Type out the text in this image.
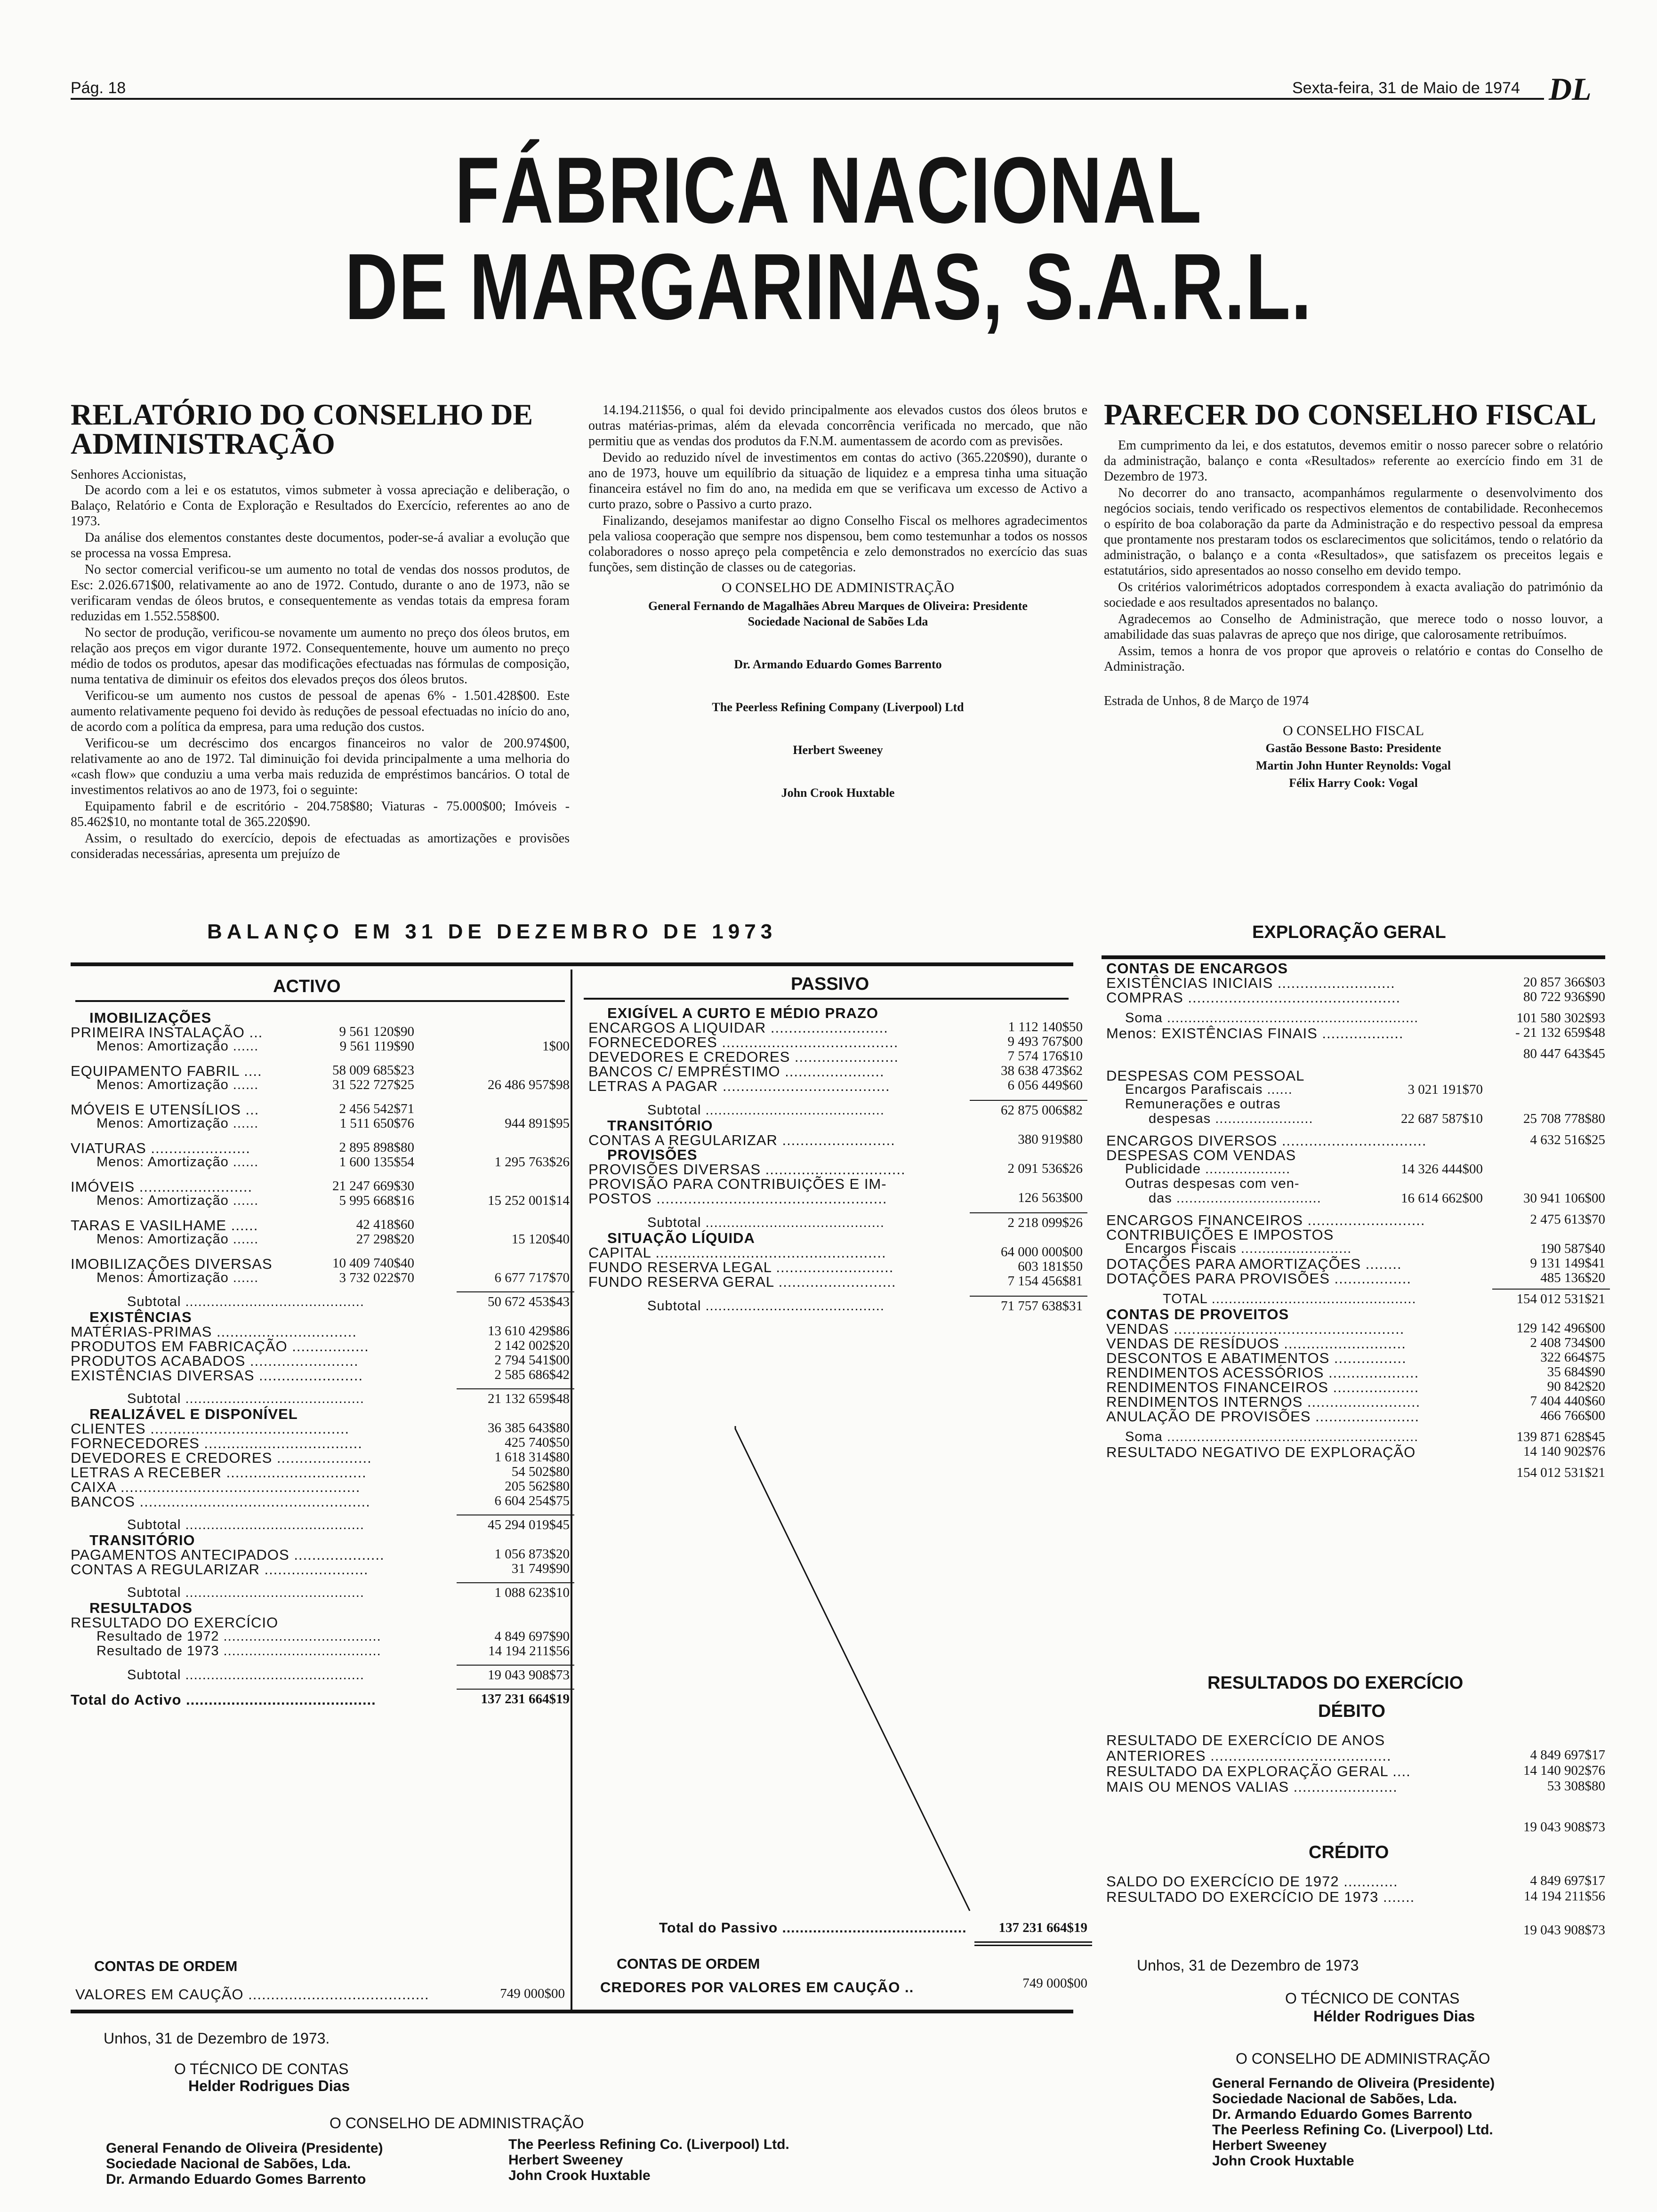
Pág. 18	Sexta-feira, 31 de Maio de 1974 DL
FÁBRICA NACIONAL
DE MARGARINAS, S.A.R.L.
RELATÓRIO DO CONSELHO DE ADMINISTRAÇÃO
Senhores Accionistas,

De acordo com a lei e os estatutos, vimos submeter à vossa apreciação e deliberação, o Balaço, Relatório e Conta de Exploração e Resultados do Exercício, referentes ao ano de 1973.

Da análise dos elementos constantes deste documentos, poder-se-á avaliar a evolução que se processa na vossa Empresa.

No sector comercial verificou-se um aumento no total de vendas dos nossos produtos, de Esc: 2.026.671$00, relativamente ao ano de 1972. Contudo, durante o ano de 1973, não se verificaram vendas de óleos brutos, e consequentemente as vendas totais da empresa foram reduzidas em 1.552.558$00.

No sector de produção, verificou-se novamente um aumento no preço dos óleos brutos, em relação aos preços em vigor durante 1972. Consequentemente, houve um aumento no preço médio de todos os produtos, apesar das modificações efectuadas nas fórmulas de composição, numa tentativa de diminuir os efeitos dos elevados preços dos óleos brutos.

Verificou-se um aumento nos custos de pessoal de apenas 6% - 1.501.428$00. Este aumento relativamente pequeno foi devido às reduções de pessoal efectuadas no início do ano, de acordo com a política da empresa, para uma redução dos custos.

Verificou-se um decréscimo dos encargos financeiros no valor de 200.974$00, relativamente ao ano de 1972. Tal diminuição foi devida principalmente a uma melhoria do «cash flow» que conduziu a uma verba mais reduzida de empréstimos bancários. O total de investimentos relativos ao ano de 1973, foi o seguinte:

Equipamento fabril e de escritório - 204.758$80; Viaturas - 75.000$00; Imóveis - 85.462$10, no montante total de 365.220$90.

Assim, o resultado do exercício, depois de efectuadas as amortizações e provisões consideradas necessárias, apresenta um prejuízo de

14.194.211$56, o qual foi devido principalmente aos elevados custos dos óleos brutos e outras matérias-primas, além da elevada concorrência verificada no mercado, que não permitiu que as vendas dos produtos da F.N.M. aumentassem de acordo com as previsões.

Devido ao reduzido nível de investimentos em contas do activo (365.220$90), durante o ano de 1973, houve um equilíbrio da situação de liquidez e a empresa tinha uma situação financeira estável no fim do ano, na medida em que se verificava um excesso de Activo a curto prazo, sobre o Passivo a curto prazo.

Finalizando, desejamos manifestar ao digno Conselho Fiscal os melhores agradecimentos pela valiosa cooperação que sempre nos dispensou, bem como testemunhar a todos os nossos colaboradores o nosso apreço pela competência e zelo demonstrados no exercício das suas funções, sem distinção de classes ou de categorias.

O CONSELHO DE ADMINISTRAÇÃO
General Fernando de Magalhães Abreu Marques de Oliveira: Presidente
Sociedade Nacional de Sabões Lda
Dr. Armando Eduardo Gomes Barrento
The Peerless Refining Company (Liverpool) Ltd
Herbert Sweeney
John Crook Huxtable
PARECER DO CONSELHO FISCAL

Em cumprimento da lei, e dos estatutos, devemos emitir o nosso parecer sobre o relatório da administração, balanço e conta «Resultados» referente ao exercício findo em 31 de Dezembro de 1973.

No decorrer do ano transacto, acompanhámos regularmente o desenvolvimento dos negócios sociais, tendo verificado os respectivos elementos de contabilidade. Reconhecemos o espírito de boa colaboração da parte da Administração e do respectivo pessoal da empresa que prontamente nos prestaram todos os esclarecimentos que solicitámos, tendo o relatório da administração, o balanço e a conta «Resultados», que satisfazem os preceitos legais e estatutários, sido apresentados ao nosso conselho em devido tempo.

Os critérios valorimétricos adoptados correspondem à exacta avaliação do património da sociedade e aos resultados apresentados no balanço.

Agradecemos ao Conselho de Administração, que merece todo o nosso louvor, a amabilidade das suas palavras de apreço que nos dirige, que calorosamente retribuímos.

Assim, temos a honra de vos propor que aproveis o relatório e contas do Conselho de Administração.

Estrada de Unhos, 8 de Março de 1974
O CONSELHO FISCAL
Gastão Bessone Basto: Presidente
Martin John Hunter Reynolds: Vogal
Félix Harry Cook: Vogal
BALANÇO EM 31 DE DEZEMBRO DE 1973
ACTIVO
IMOBILIZAÇÕES
PRIMEIRA INSTALAÇÃO ...	9 561 120$90
Menos: Amortização ......	9 561 119$90	1$00
EQUIPAMENTO FABRIL ....	58 009 685$23
Menos: Amortização ......	31 522 727$25	26 486 957$98
MÓVEIS E UTENSÍLIOS ...	2 456 542$71
Menos: Amortização ......	1 511 650$76	944 891$95
VIATURAS ......................	2 895 898$80
Menos: Amortização ......	1 600 135$54	1 295 763$26
IMÓVEIS .........................	21 247 669$30
Menos: Amortização ......	5 995 668$16	15 252 001$14
TARAS E VASILHAME ......	42 418$60
Menos: Amortização ......	27 298$20	15 120$40
IMOBILIZAÇÕES DIVERSAS	10 409 740$40
Menos: Amortização ......	3 732 022$70	6 677 717$70
Subtotal ..........................................	50 672 453$43
EXISTÊNCIAS
MATÉRIAS-PRIMAS ...............................	13 610 429$86
PRODUTOS EM FABRICAÇÃO .................	2 142 002$20
PRODUTOS ACABADOS ........................	2 794 541$00
EXISTÊNCIAS DIVERSAS .......................	2 585 686$42
Subtotal ..........................................	21 132 659$48
REALIZÁVEL E DISPONÍVEL
CLIENTES ............................................	36 385 643$80
FORNECEDORES ...................................	425 740$50
DEVEDORES E CREDORES .....................	1 618 314$80
LETRAS A RECEBER ...............................	54 502$80
CAIXA .....................................................	205 562$80
BANCOS ...................................................	6 604 254$75
Subtotal ..........................................	45 294 019$45
TRANSITÓRIO
PAGAMENTOS ANTECIPADOS ....................	1 056 873$20
CONTAS A REGULARIZAR .......................	31 749$90
Subtotal ..........................................	1 088 623$10
RESULTADOS
RESULTADO DO EXERCÍCIO
Resultado de 1972 .....................................	4 849 697$90
Resultado de 1973 .....................................	14 194 211$56
Subtotal ..........................................	19 043 908$73
Total do Activo ..........................................	137 231 664$19
CONTAS DE ORDEM
VALORES EM CAUÇÃO ........................................	749 000$00
PASSIVO
EXIGÍVEL A CURTO E MÉDIO PRAZO
ENCARGOS A LIQUIDAR ..........................	1 112 140$50
FORNECEDORES .......................................	9 493 767$00
DEVEDORES E CREDORES .......................	7 574 176$10
BANCOS C/ EMPRÉSTIMO ......................	38 638 473$62
LETRAS A PAGAR .....................................	6 056 449$60
Subtotal ..........................................	62 875 006$82
TRANSITÓRIO
CONTAS A REGULARIZAR .........................	380 919$80
PROVISÕES
PROVISÕES DIVERSAS ...............................	2 091 536$26
PROVISÃO PARA CONTRIBUIÇÕES E IM-
POSTOS ...................................................	126 563$00
Subtotal ..........................................	2 218 099$26
SITUAÇÃO LÍQUIDA
CAPITAL ...................................................	64 000 000$00
FUNDO RESERVA LEGAL ..........................	603 181$50
FUNDO RESERVA GERAL ..........................	7 154 456$81
Subtotal ..........................................	71 757 638$31
Total do Passivo ..........................................	137 231 664$19
CONTAS DE ORDEM
CREDORES POR VALORES EM CAUÇÃO ..	749 000$00
Unhos, 31 de Dezembro de 1973.
O TÉCNICO DE CONTAS
Helder Rodrigues Dias
O CONSELHO DE ADMINISTRAÇÃO
General Fenando de Oliveira (Presidente)
Sociedade Nacional de Sabões, Lda.
Dr. Armando Eduardo Gomes Barrento
The Peerless Refining Co. (Liverpool) Ltd.
Herbert Sweeney
John Crook Huxtable
EXPLORAÇÃO GERAL
CONTAS DE ENCARGOS
EXISTÊNCIAS INICIAIS ..........................	20 857 366$03
COMPRAS ...............................................	80 722 936$90
Soma ...........................................................	101 580 302$93
Menos: EXISTÊNCIAS FINAIS ..................	- 21 132 659$48
80 447 643$45
DESPESAS COM PESSOAL
Encargos Parafiscais ......	3 021 191$70
Remunerações e outras
despesas .......................	22 687 587$10	25 708 778$80
ENCARGOS DIVERSOS ................................	4 632 516$25
DESPESAS COM VENDAS
Publicidade ....................	14 326 444$00
Outras despesas com ven-
das ..................................	16 614 662$00	30 941 106$00
ENCARGOS FINANCEIROS ..........................	2 475 613$70
CONTRIBUIÇÕES E IMPOSTOS
Encargos Fiscais ..........................	190 587$40
DOTAÇÕES PARA AMORTIZAÇÕES ........	9 131 149$41
DOTAÇÕES PARA PROVISÕES .................	485 136$20
TOTAL ................................................	154 012 531$21
CONTAS DE PROVEITOS
VENDAS ...................................................	129 142 496$00
VENDAS DE RESÍDUOS ...........................	2 408 734$00
DESCONTOS E ABATIMENTOS ................	322 664$75
RENDIMENTOS ACESSÓRIOS ....................	35 684$90
RENDIMENTOS FINANCEIROS ...................	90 842$20
RENDIMENTOS INTERNOS .........................	7 404 440$60
ANULAÇÃO DE PROVISÕES .......................	466 766$00
Soma ...........................................................	139 871 628$45
RESULTADO NEGATIVO DE EXPLORAÇÃO	14 140 902$76
154 012 531$21
RESULTADOS DO EXERCÍCIO
DÉBITO
RESULTADO DE EXERCÍCIO DE ANOS
ANTERIORES ........................................	4 849 697$17
RESULTADO DA EXPLORAÇÃO GERAL ....	14 140 902$76
MAIS OU MENOS VALIAS .......................	53 308$80
19 043 908$73
CRÉDITO
SALDO DO EXERCÍCIO DE 1972 ............	4 849 697$17
RESULTADO DO EXERCÍCIO DE 1973 .......	14 194 211$56
19 043 908$73
Unhos, 31 de Dezembro de 1973
O TÉCNICO DE CONTAS
Hélder Rodrigues Dias
O CONSELHO DE ADMINISTRAÇÃO
General Fernando de Oliveira (Presidente)
Sociedade Nacional de Sabões, Lda.
Dr. Armando Eduardo Gomes Barrento
The Peerless Refining Co. (Liverpool) Ltd.
Herbert Sweeney
John Crook Huxtable
